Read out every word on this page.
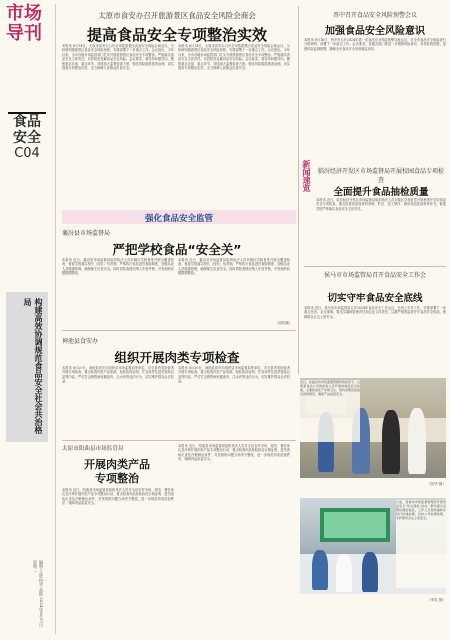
市场导刊
食品安全
C04
构建高效协调规范食品安全社会共治格局
编辑:王进 校对:高艳 2024年8月27日 星期二
太原市食安办召开旅游景区食品安全风险会商会
提高食品安全专项整治实效
本报讯 8月14日，太原市食安办召开全市旅游景区食品安全风险会商会议，分析研判旅游景区食品安全风险形势，安排部署下一步重点工作。会议指出，今年以来，全市各级市场监管部门扎实开展旅游景区食品安全专项整治，严格落实食品安全主体责任，有效防范化解食品安全风险。会议要求，要坚持问题导向，聚焦重点区域、重点环节，持续加大监督检查力度，强化风险隐患排查治理，切实提高专项整治实效，全力保障人民群众饮食安全。
本报讯 8月14日，太原市食安办召开全市旅游景区食品安全风险会商会议，分析研判旅游景区食品安全风险形势，安排部署下一步重点工作。会议指出，今年以来，全市各级市场监管部门扎实开展旅游景区食品安全专项整治，严格落实食品安全主体责任，有效防范化解食品安全风险。会议要求，要坚持问题导向，聚焦重点区域、重点环节，持续加大监督检查力度，强化风险隐患排查治理，切实提高专项整治实效，全力保障人民群众饮食安全。
强化食品安全监管
襄汾县市场监督局
严把学校食品“安全关”
本报讯 近日，襄汾县市场监督局组织执法人员对辖区学校食堂开展全覆盖检查，督促学校落实校长（园长）负责制，严格执行食品进货查验制度，加强从业人员健康管理，确保师生饮食安全。同时将检查情况纳入年度考核，对发现的问题限期整改。
本报讯 近日，襄汾县市场监督局组织执法人员对辖区学校食堂开展全覆盖检查，督促学校落实校长（园长）负责制，严格执行食品进货查验制度，加强从业人员健康管理，确保师生饮食安全。同时将检查情况纳入年度考核，对发现的问题限期整改。
（周佳楠）
神池县食安办
组织开展肉类专项检查
本报讯 8月20日，神池县食安办组织县市场监督局等单位，对全县肉类经营者开展专项检查，重点检查肉类产品来源、检验检疫证明、贮存条件及进货查验记录等内容，严厉打击销售病死畜禽肉、注水肉等违法行为，切实维护群众合法权益。
本报讯 8月20日，神池县食安办组织县市场监督局等单位，对全县肉类经营者开展专项检查，重点检查肉类产品来源、检验检疫证明、贮存条件及进货查验记录等内容，严厉打击销售病死畜禽肉、注水肉等违法行为，切实维护群众合法权益。
太原市阳曲县市场监管局
开展肉类产品
专项整治
本报讯 近日，阳曲县市场监管局组织执法人员对全县农贸市场、超市、餐饮单位及冷库开展肉类产品专项整治行动，重点检查肉品检验检疫合格证明、进货查验记录及冷链储运条件，对发现的问题当场责令整改，进一步规范肉类经营秩序，保障肉品质量安全。
本报讯 近日，阳曲县市场监管局组织执法人员对全县农贸市场、超市、餐饮单位及冷库开展肉类产品专项整治行动，重点检查肉品检验检疫合格证明、进货查验记录及冷链储运条件，对发现的问题当场责令整改，进一步规范肉类经营秩序，保障肉品质量安全。
晋中召开食品安全风险预警会议
加强食品安全风险意识
本报讯 8月16日，晋中市召开2024年第一次食品安全风险预警交流会议，对全市食品安全风险进行分析研判，部署下一步重点工作。会议要求，各级各部门要进一步增强风险意识，坚持底线思维，加强风险监测预警，确保全市食品安全形势稳定向好。
新闻速览	临汾经济开发区市场监督局开展校园食品专项检查
全面提升食品抽检质量
本报讯 近日，临汾经济开发区市场监督局组织执法人员对辖区学校食堂开展秋季开学前食品安全专项检查，重点检查食品原材料采购、贮存、加工制作、餐用具清洗消毒等环节，督促学校严格落实食品安全主体责任。
侯马市市场监管局召开食品安全工作会
切实守牢食品安全底线
本报讯 近日，侯马市市场监管局召开2024年食品安全工作会议，总结上半年工作，安排部署下一步重点任务。会议强调，要压实属地管理责任和企业主体责任，以最严格的监管守牢食品安全底线，保障群众舌尖上的安全。
近日，在临汾市市场监督管理局的指导下，山西某食品公司的质检人员开展肉制品安全检查，主要检查生产车间卫生、原料采购及检验记录等情况，确保产品质量安全。
（张华 摄）
日前，晋城市市场监督管理局开展食品安全“你点我检”活动，群众提出意愿检测的食品，工作人员现场抽样并进行快速检测，及时公开检测结果，守护群众舌尖上的安全。
（李英 摄）
